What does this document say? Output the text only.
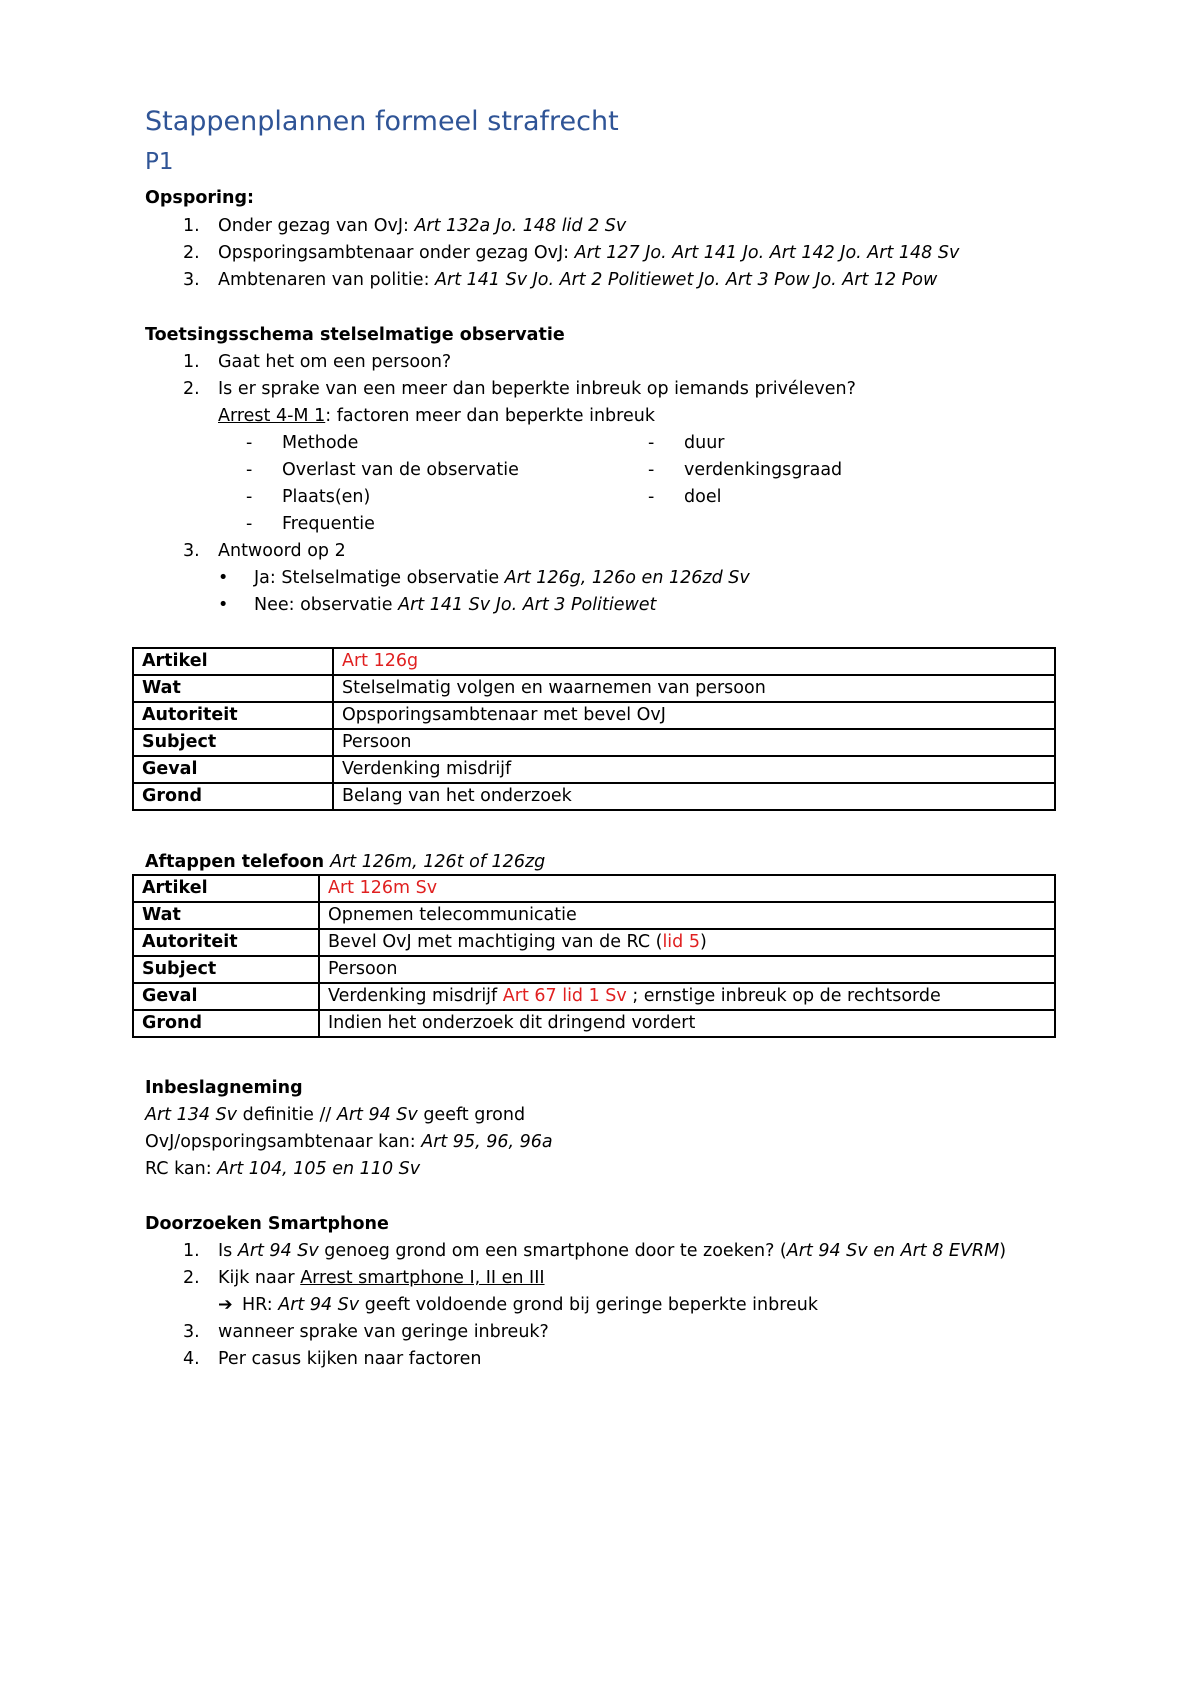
Stappenplannen formeel strafrecht
P1
Opsporing:
1. Onder gezag van OvJ: Art 132a Jo. 148 lid 2 Sv
2. Opsporingsambtenaar onder gezag OvJ: Art 127 Jo. Art 141 Jo. Art 142 Jo. Art 148 Sv
3. Ambtenaren van politie: Art 141 Sv Jo. Art 2 Politiewet Jo. Art 3 Pow Jo. Art 12 Pow
Toetsingsschema stelselmatige observatie
1. Gaat het om een persoon?
2. Is er sprake van een meer dan beperkte inbreuk op iemands privéleven?
Arrest 4-M 1: factoren meer dan beperkte inbreuk
- Methode
- Overlast van de observatie
- Plaats(en)
- Frequentie
- duur
- verdenkingsgraad
- doel
3. Antwoord op 2
• Ja: Stelselmatige observatie Art 126g, 126o en 126zd Sv
• Nee: observatie Art 141 Sv Jo. Art 3 Politiewet
Artikel	Art 126g
Wat	Stelselmatig volgen en waarnemen van persoon
Autoriteit	Opsporingsambtenaar met bevel OvJ
Subject	Persoon
Geval	Verdenking misdrijf
Grond	Belang van het onderzoek
Aftappen telefoon Art 126m, 126t of 126zg
Artikel	Art 126m Sv
Wat	Opnemen telecommunicatie
Autoriteit	Bevel OvJ met machtiging van de RC (lid 5)
Subject	Persoon
Geval	Verdenking misdrijf Art 67 lid 1 Sv ; ernstige inbreuk op de rechtsorde
Grond	Indien het onderzoek dit dringend vordert
Inbeslagneming
Art 134 Sv definitie // Art 94 Sv geeft grond
OvJ/opsporingsambtenaar kan: Art 95, 96, 96a
RC kan: Art 104, 105 en 110 Sv
Doorzoeken Smartphone
1. Is Art 94 Sv genoeg grond om een smartphone door te zoeken? (Art 94 Sv en Art 8 EVRM)
2. Kijk naar Arrest smartphone I, II en III
➔ HR: Art 94 Sv geeft voldoende grond bij geringe beperkte inbreuk
3. wanneer sprake van geringe inbreuk?
4. Per casus kijken naar factoren
